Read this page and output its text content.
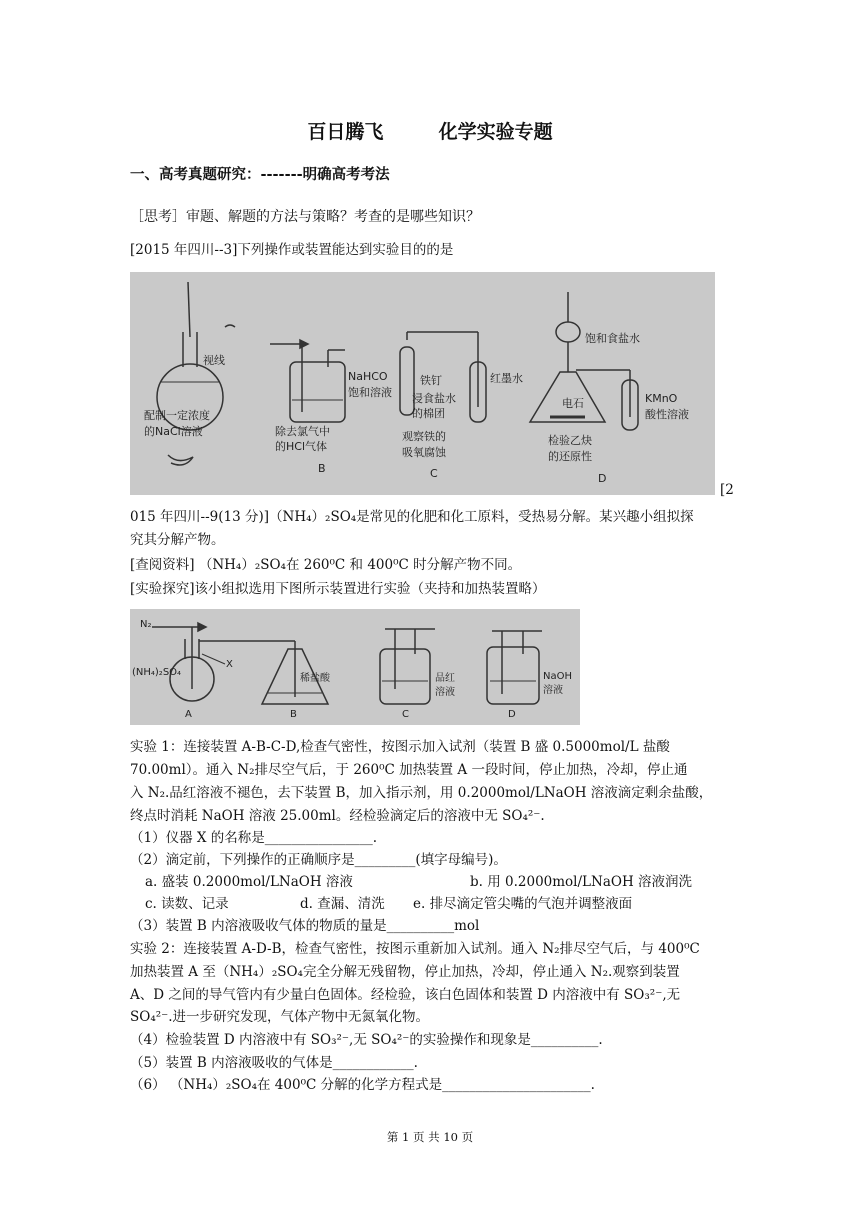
百日腾飞	化学实验专题
一、高考真题研究：-------明确高考考法
［思考］审题、解题的方法与策略？考查的是哪些知识？
[2015 年四川--3]下列操作或装置能达到实验目的的是
视线
配制一定浓度
的NaCl溶液
NaHCO
饱和溶液
除去氯气中
的HCl气体
B
铁钉
浸食盐水
的棉团
红墨水
观察铁的
吸氧腐蚀
C
饱和食盐水
电石	KMnO
酸性溶液
检验乙炔
的还原性
D
[2
015 年四川--9(13 分)]（NH₄）₂SO₄是常见的化肥和化工原料，受热易分解。某兴趣小组拟探
究其分解产物。
[查阅资料] （NH₄）₂SO₄在 260⁰C 和 400⁰C 时分解产物不同。
[实验探究]该小组拟选用下图所示装置进行实验（夹持和加热装置略）
N₂
X
(NH₄)₂SO₄
A
稀盐酸
B
品红
溶液
C
NaOH
溶液
D
实验 1：连接装置 A-B-C-D,检查气密性，按图示加入试剂（装置 B 盛 0.5000mol/L 盐酸
70.00ml）。通入 N₂排尽空气后，于 260⁰C 加热装置 A 一段时间，停止加热，冷却，停止通
入 N₂.品红溶液不褪色，去下装置 B，加入指示剂，用 0.2000mol/LNaOH 溶液滴定剩余盐酸，
终点时消耗 NaOH 溶液 25.00ml。经检验滴定后的溶液中无 SO₄²⁻.
（1）仪器 X 的名称是________________.
（2）滴定前，下列操作的正确顺序是_________(填字母编号)。
a. 盛装 0.2000mol/LNaOH 溶液	b. 用 0.2000mol/LNaOH 溶液润洗
c. 读数、记录	d. 查漏、清洗	e. 排尽滴定管尖嘴的气泡并调整液面
（3）装置 B 内溶液吸收气体的物质的量是__________mol
实验 2：连接装置 A-D-B，检查气密性，按图示重新加入试剂。通入 N₂排尽空气后，与 400⁰C
加热装置 A 至（NH₄）₂SO₄完全分解无残留物，停止加热，冷却，停止通入 N₂.观察到装置
A、D 之间的导气管内有少量白色固体。经检验，该白色固体和装置 D 内溶液中有 SO₃²⁻,无
SO₄²⁻.进一步研究发现，气体产物中无氮氧化物。
（4）检验装置 D 内溶液中有 SO₃²⁻,无 SO₄²⁻的实验操作和现象是__________.
（5）装置 B 内溶液吸收的气体是____________.
（6） （NH₄）₂SO₄在 400⁰C 分解的化学方程式是______________________.
第 1 页 共 10 页
